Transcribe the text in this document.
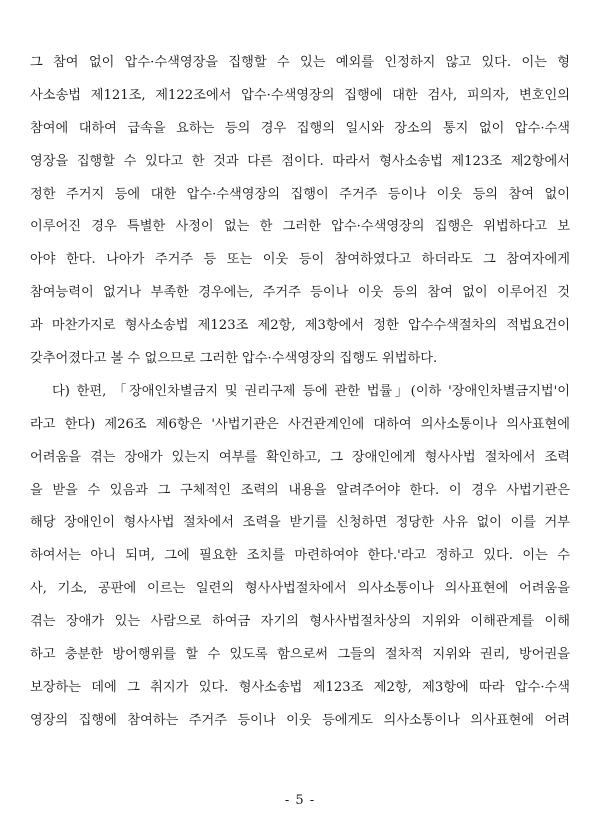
그 참여 없이 압수·수색영장을 집행할 수 있는 예외를 인정하지 않고 있다. 이는 형
사소송법 제121조, 제122조에서 압수·수색영장의 집행에 대한 검사, 피의자, 변호인의
참여에 대하여 급속을 요하는 등의 경우 집행의 일시와 장소의 통지 없이 압수·수색
영장을 집행할 수 있다고 한 것과 다른 점이다. 따라서 형사소송법 제123조 제2항에서
정한 주거지 등에 대한 압수·수색영장의 집행이 주거주 등이나 이웃 등의 참여 없이
이루어진 경우 특별한 사정이 없는 한 그러한 압수·수색영장의 집행은 위법하다고 보
아야 한다. 나아가 주거주 등 또는 이웃 등이 참여하였다고 하더라도 그 참여자에게
참여능력이 없거나 부족한 경우에는, 주거주 등이나 이웃 등의 참여 없이 이루어진 것
과 마찬가지로 형사소송법 제123조 제2항, 제3항에서 정한 압수수색절차의 적법요건이
갖추어졌다고 볼 수 없으므로 그러한 압수·수색영장의 집행도 위법하다.
다) 한편, 「장애인차별금지 및 권리구제 등에 관한 법률」(이하 '장애인차별금지법'이
라고 한다) 제26조 제6항은 '사법기관은 사건관계인에 대하여 의사소통이나 의사표현에
어려움을 겪는 장애가 있는지 여부를 확인하고, 그 장애인에게 형사사법 절차에서 조력
을 받을 수 있음과 그 구체적인 조력의 내용을 알려주어야 한다. 이 경우 사법기관은
해당 장애인이 형사사법 절차에서 조력을 받기를 신청하면 정당한 사유 없이 이를 거부
하여서는 아니 되며, 그에 필요한 조치를 마련하여야 한다.'라고 정하고 있다. 이는 수
사, 기소, 공판에 이르는 일련의 형사사법절차에서 의사소통이나 의사표현에 어려움을
겪는 장애가 있는 사람으로 하여금 자기의 형사사법절차상의 지위와 이해관계를 이해
하고 충분한 방어행위를 할 수 있도록 함으로써 그들의 절차적 지위와 권리, 방어권을
보장하는 데에 그 취지가 있다. 형사소송법 제123조 제2항, 제3항에 따라 압수·수색
영장의 집행에 참여하는 주거주 등이나 이웃 등에게도 의사소통이나 의사표현에 어려
- 5 -
